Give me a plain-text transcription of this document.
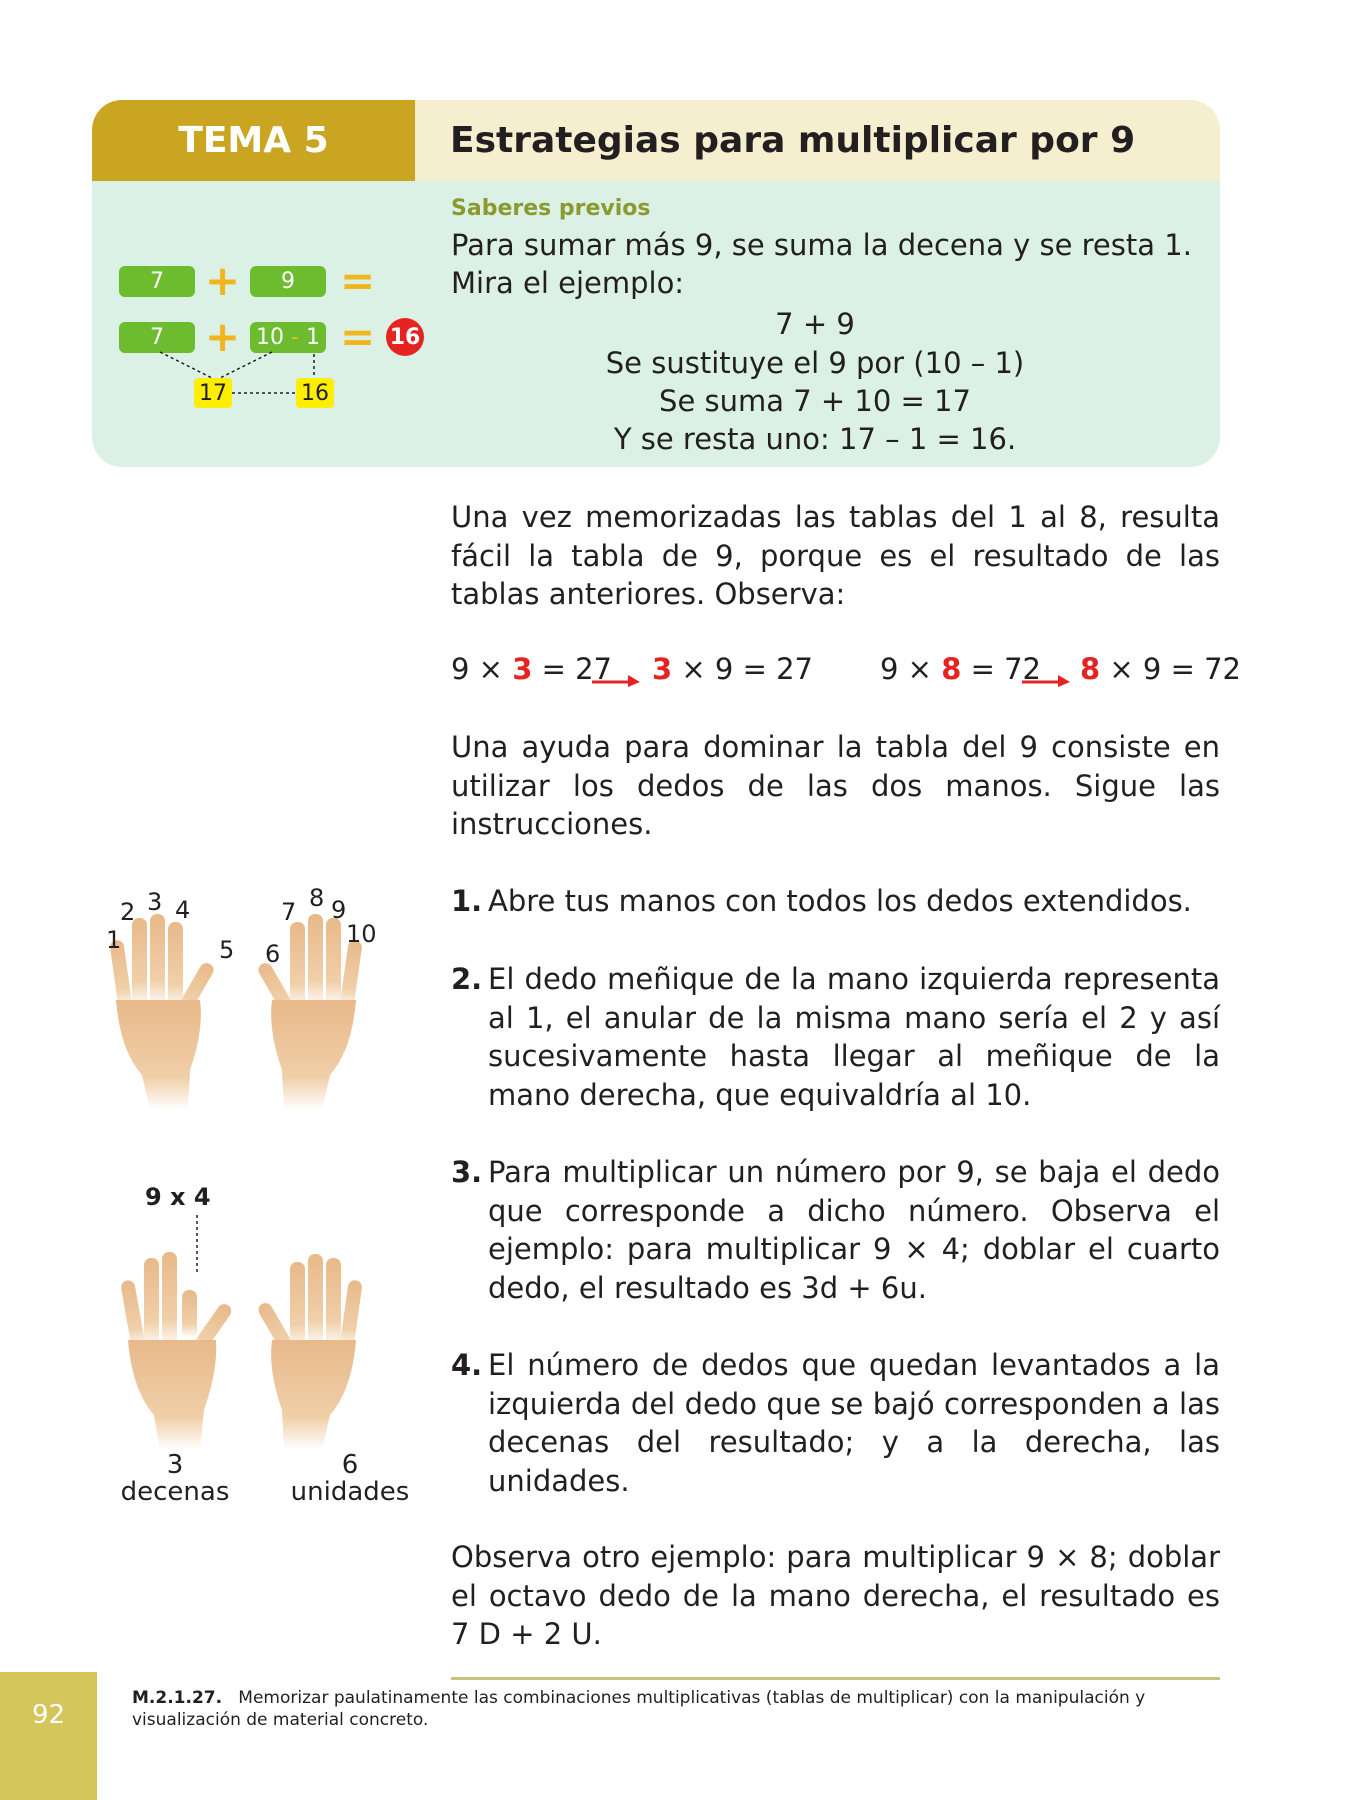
TEMA 5	Estrategias para multiplicar por 9
Saberes previos
Para sumar más 9, se suma la decena y se resta 1.
Mira el ejemplo:
7 + 9
Se sustituye el 9 por (10 – 1)
Se suma 7 + 10 = 17
Y se resta uno: 17 – 1 = 16.
7 +	9	=
7 + 10 - 1 = 16
17	16
Una vez memorizadas las tablas del 1 al 8, resulta fácil la tabla de 9, porque es el resultado de las tablas anteriores. Observa:
9 × 3 = 27 3 × 9 = 27 9 × 8 = 72 8 × 9 = 72
Una ayuda para dominar la tabla del 9 consiste en utilizar los dedos de las dos manos. Sigue las instrucciones.
1. Abre tus manos con todos los dedos extendidos.
2. El dedo meñique de la mano izquierda representa al 1, el anular de la misma mano sería el 2 y así sucesivamente hasta llegar al meñique de la mano derecha, que equivaldría al 10.
3. Para multiplicar un número por 9, se baja el dedo que corresponde a dicho número. Observa el ejemplo: para multiplicar 9 × 4; doblar el cuarto dedo, el resultado es 3d + 6u.
4. El número de dedos que quedan levantados a la izquierda del dedo que se bajó corresponden a las decenas del resultado; y a la derecha, las unidades.
1
2 3 4
5 6
7 8 9
10
9 x 4
3
decenas
6
unidades
Observa otro ejemplo: para multiplicar 9 × 8; doblar el octavo dedo de la mano derecha, el resultado es 7 D + 2 U.
M.2.1.27. Memorizar paulatinamente las combinaciones multiplicativas (tablas de multiplicar) con la manipulación y visualización de material concreto.
92
